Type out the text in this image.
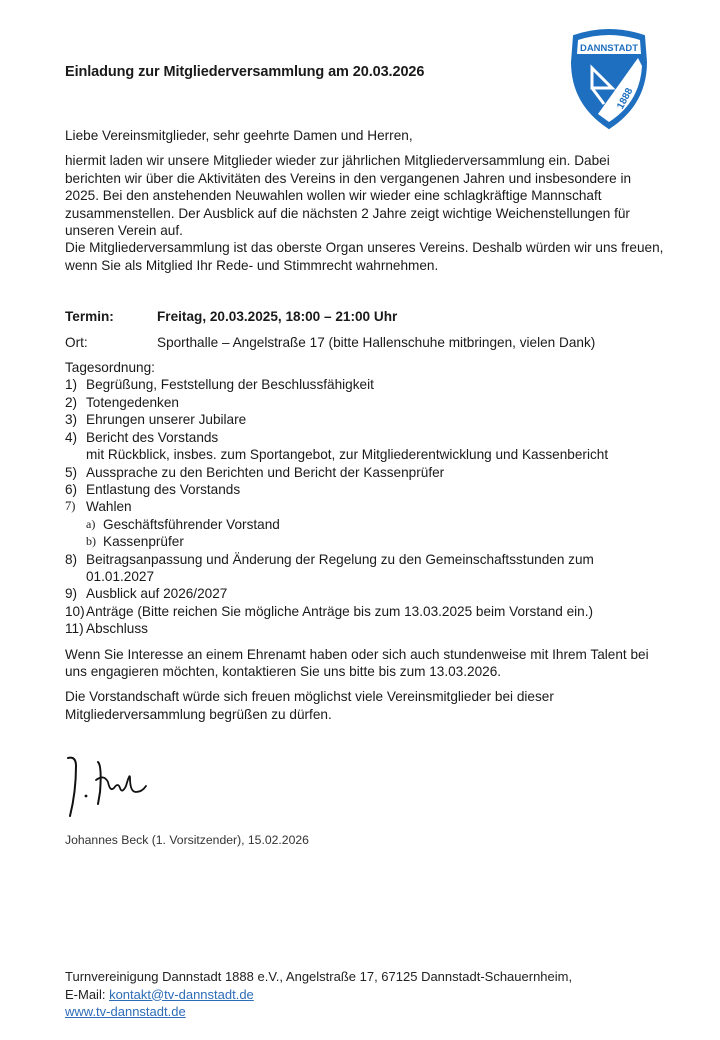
Einladung zur Mitgliederversammlung am 20.03.2026
DANNSTADT
1888

Liebe Vereinsmitglieder, sehr geehrte Damen und Herren,

hiermit laden wir unsere Mitglieder wieder zur jährlichen Mitgliederversammlung ein. Dabei berichten wir über die Aktivitäten des Vereins in den vergangenen Jahren und insbesondere in 2025. Bei den anstehenden Neuwahlen wollen wir wieder eine schlagkräftige Mannschaft zusammenstellen. Der Ausblick auf die nächsten 2 Jahre zeigt wichtige Weichenstellungen für unseren Verein auf.

Die Mitgliederversammlung ist das oberste Organ unseres Vereins. Deshalb würden wir uns freuen, wenn Sie als Mitglied Ihr Rede- und Stimmrecht wahrnehmen.

Termin:	Freitag, 20.03.2025, 18:00 – 21:00 Uhr
Ort:	Sporthalle – Angelstraße 17 (bitte Hallenschuhe mitbringen, vielen Dank)
Tagesordnung:
1) Begrüßung, Feststellung der Beschlussfähigkeit
2) Totengedenken
3) Ehrungen unserer Jubilare
4) Bericht des Vorstands
mit Rückblick, insbes. zum Sportangebot, zur Mitgliederentwicklung und Kassenbericht
5) Aussprache zu den Berichten und Bericht der Kassenprüfer
6) Entlastung des Vorstands
7) Wahlen
a) Geschäftsführender Vorstand
b) Kassenprüfer
8) Beitragsanpassung und Änderung der Regelung zu den Gemeinschaftsstunden zum 01.01.2027
9) Ausblick auf 2026/2027
10) Anträge (Bitte reichen Sie mögliche Anträge bis zum 13.03.2025 beim Vorstand ein.)
11) Abschluss

Wenn Sie Interesse an einem Ehrenamt haben oder sich auch stundenweise mit Ihrem Talent bei uns engagieren möchten, kontaktieren Sie uns bitte bis zum 13.03.2026.

Die Vorstandschaft würde sich freuen möglichst viele Vereinsmitglieder bei dieser Mitgliederversammlung begrüßen zu dürfen.

Johannes Beck (1. Vorsitzender), 15.02.2026
Turnvereinigung Dannstadt 1888 e.V., Angelstraße 17, 67125 Dannstadt-Schauernheim,
E-Mail: kontakt@tv-dannstadt.de
www.tv-dannstadt.de
